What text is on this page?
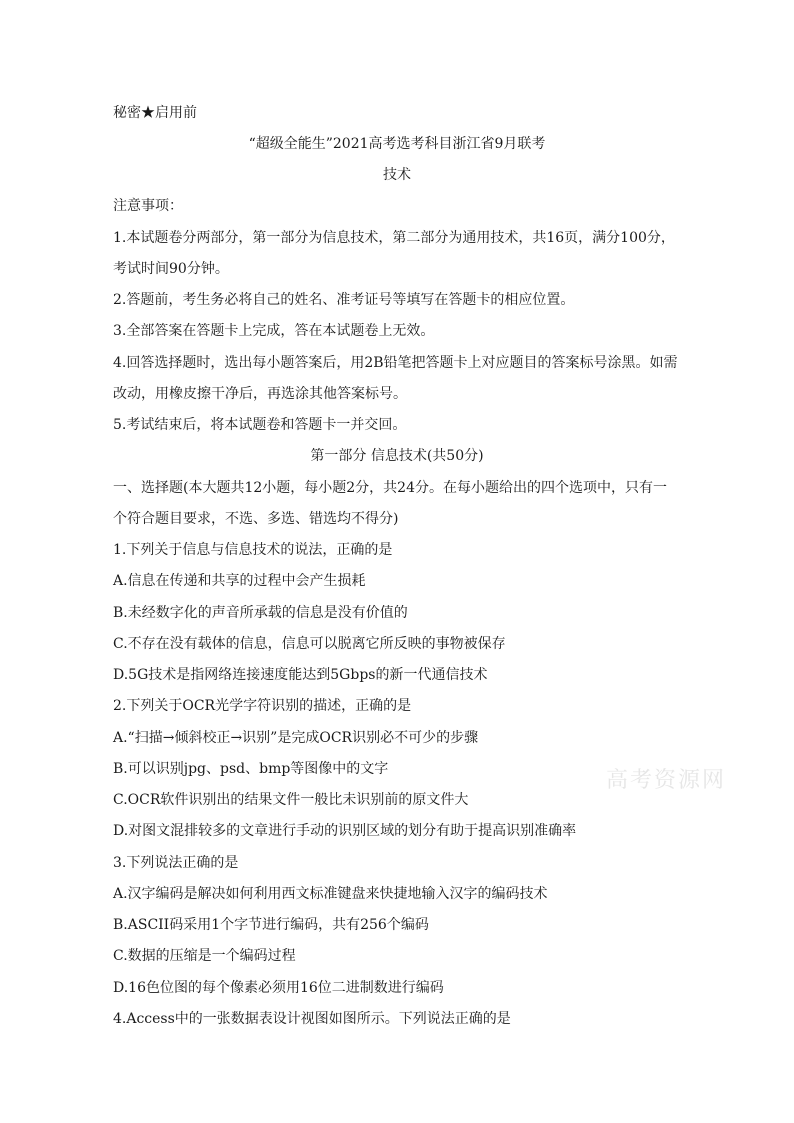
秘密★启用前
“超级全能生”2021高考选考科目浙江省9月联考
技术
注意事项：
1.本试题卷分两部分，第一部分为信息技术，第二部分为通用技术，共16页，满分100分，
考试时间90分钟。
2.答题前，考生务必将自己的姓名、准考证号等填写在答题卡的相应位置。
3.全部答案在答题卡上完成，答在本试题卷上无效。
4.回答选择题时，选出每小题答案后，用2B铅笔把答题卡上对应题目的答案标号涂黑。如需
改动，用橡皮擦干净后，再选涂其他答案标号。
5.考试结束后，将本试题卷和答题卡一并交回。
第一部分 信息技术(共50分)
一、选择题(本大题共12小题，每小题2分，共24分。在每小题给出的四个选项中，只有一
个符合题目要求，不选、多选、错选均不得分)
1.下列关于信息与信息技术的说法，正确的是
A.信息在传递和共享的过程中会产生损耗
B.未经数字化的声音所承载的信息是没有价值的
C.不存在没有载体的信息，信息可以脱离它所反映的事物被保存
D.5G技术是指网络连接速度能达到5Gbps的新一代通信技术
2.下列关于OCR光学字符识别的描述，正确的是
A.“扫描→倾斜校正→识别”是完成OCR识别必不可少的步骤
B.可以识别jpg、psd、bmp等图像中的文字
C.OCR软件识别出的结果文件一般比未识别前的原文件大
D.对图文混排较多的文章进行手动的识别区域的划分有助于提高识别准确率
3.下列说法正确的是
A.汉字编码是解决如何利用西文标准键盘来快捷地输入汉字的编码技术
B.ASCII码采用1个字节进行编码，共有256个编码
C.数据的压缩是一个编码过程
D.16色位图的每个像素必须用16位二进制数进行编码
4.Access中的一张数据表设计视图如图所示。下列说法正确的是
高考资源网
